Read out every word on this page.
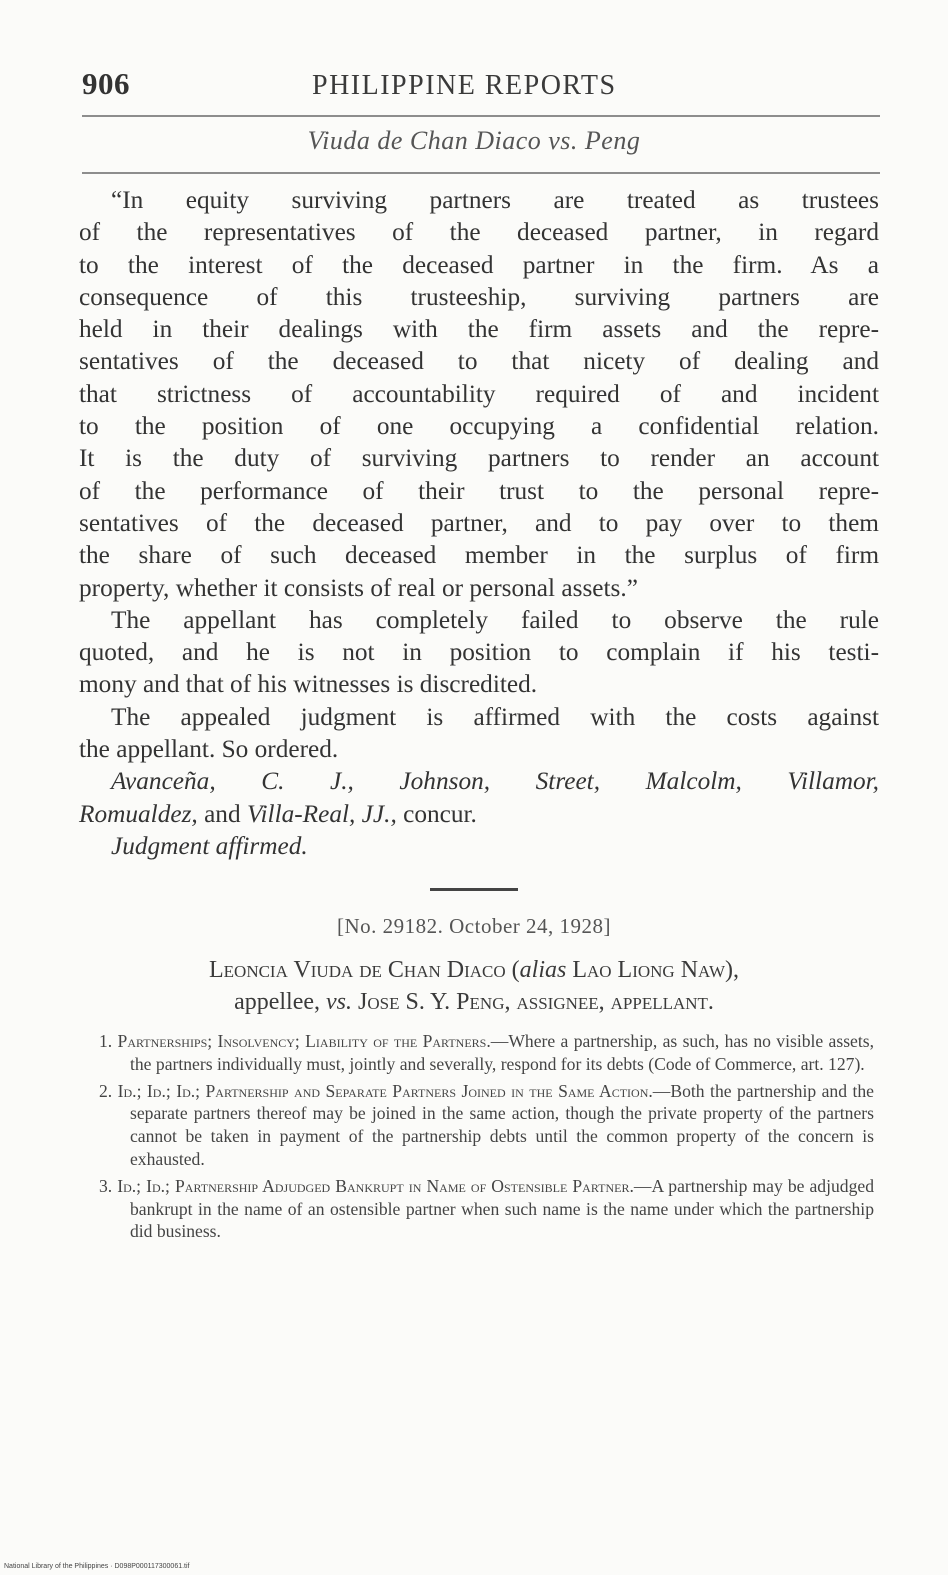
906	PHILIPPINE REPORTS
Viuda de Chan Diaco vs. Peng

“In equity surviving partners are treated as trustees

of the representatives of the deceased partner, in regard

to the interest of the deceased partner in the firm. As a

consequence of this trusteeship, surviving partners are

held in their dealings with the firm assets and the repre-

sentatives of the deceased to that nicety of dealing and

that strictness of accountability required of and incident

to the position of one occupying a confidential relation.

It is the duty of surviving partners to render an account

of the performance of their trust to the personal repre-

sentatives of the deceased partner, and to pay over to them

the share of such deceased member in the surplus of firm

property, whether it consists of real or personal assets.”

The appellant has completely failed to observe the rule

quoted, and he is not in position to complain if his testi-

mony and that of his witnesses is discredited.

The appealed judgment is affirmed with the costs against

the appellant. So ordered.

Avanceña, C. J., Johnson, Street, Malcolm, Villamor,

Romualdez, and Villa-Real, JJ., concur.

Judgment affirmed.

[No. 29182. October 24, 1928]
Leoncia Viuda de Chan Diaco (alias Lao Liong Naw),
appellee, vs. Jose S. Y. Peng, assignee, appellant.
1. Partnerships; Insolvency; Liability of the Partners.—Where a partnership, as such, has no visible assets, the partners individually must, jointly and severally, respond for its debts (Code of Commerce, art. 127).
2. Id.; Id.; Id.; Partnership and Separate Partners Joined in the Same Action.—Both the partnership and the separate partners thereof may be joined in the same action, though the private property of the partners cannot be taken in payment of the partnership debts until the common property of the concern is exhausted.
3. Id.; Id.; Partnership Adjudged Bankrupt in Name of Ostensible Partner.—A partnership may be adjudged bankrupt in the name of an ostensible partner when such name is the name under which the partnership did business.
National Library of the Philippines · D098P000117300061.tif
